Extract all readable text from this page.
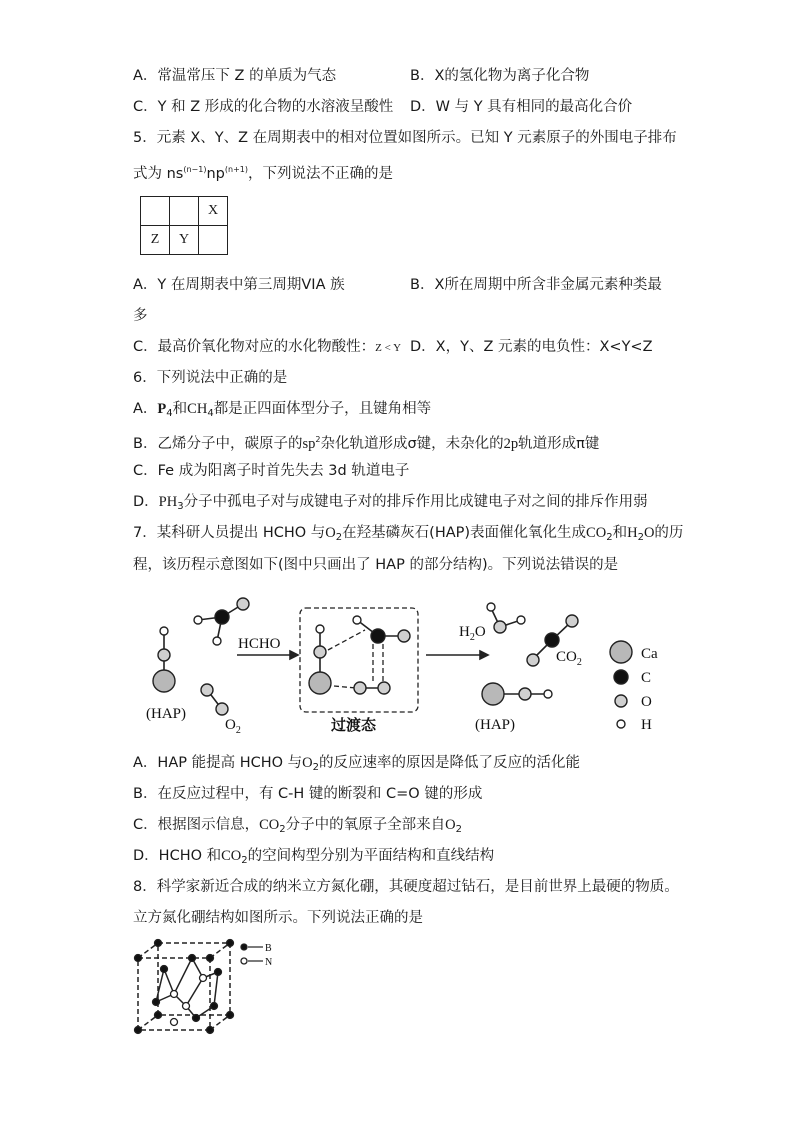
A．常温常压下 Z 的单质为气态	B．X的氢化物为离子化合物
C．Y 和 Z 形成的化合物的水溶液呈酸性 D．W 与 Y 具有相同的最高化合价
5．元素 X、Y、Z 在周期表中的相对位置如图所示。已知 Y 元素原子的外围电子排布
式为 $ns^{(n-1)}np^{(n+1)}$，下列说法不正确的是
		X
Z	Y	
A．Y 在周期表中第三周期VIA 族	B．X所在周期中所含非金属元素种类最
多
C．最高价氧化物对应的水化物酸性：Z < Y D．X，Y、Z 元素的电负性：X<Y<Z
6．下列说法中正确的是
A．$P_4$和$CH_4$都是正四面体型分子，且键角相等
B．乙烯分子中，碳原子的$sp^2$杂化轨道形成σ键，未杂化的2p轨道形成π键
C．Fe 成为阳离子时首先失去 3d 轨道电子
D．$PH_3$分子中孤电子对与成键电子对的排斥作用比成键电子对之间的排斥作用弱
7．某科研人员提出 HCHO 与$O_2$在羟基磷灰石(HAP)表面催化氧化生成$CO_2$和$H_2O$的历
程，该历程示意图如下(图中只画出了 HAP 的部分结构)。下列说法错误的是
(HAP)
$O_2$
HCHO
$H_2O$
$CO_2$
(HAP)
Ca
C
O
H
过渡态
A．HAP 能提高 HCHO 与$O_2$的反应速率的原因是降低了反应的活化能
B．在反应过程中，有 C-H 键的断裂和 C=O 键的形成
C．根据图示信息，$CO_2$分子中的氧原子全部来自$O_2$
D．HCHO 和$CO_2$的空间构型分别为平面结构和直线结构
8．科学家新近合成的纳米立方氮化硼，其硬度超过钻石，是目前世界上最硬的物质。
立方氮化硼结构如图所示。下列说法正确的是
B
N
